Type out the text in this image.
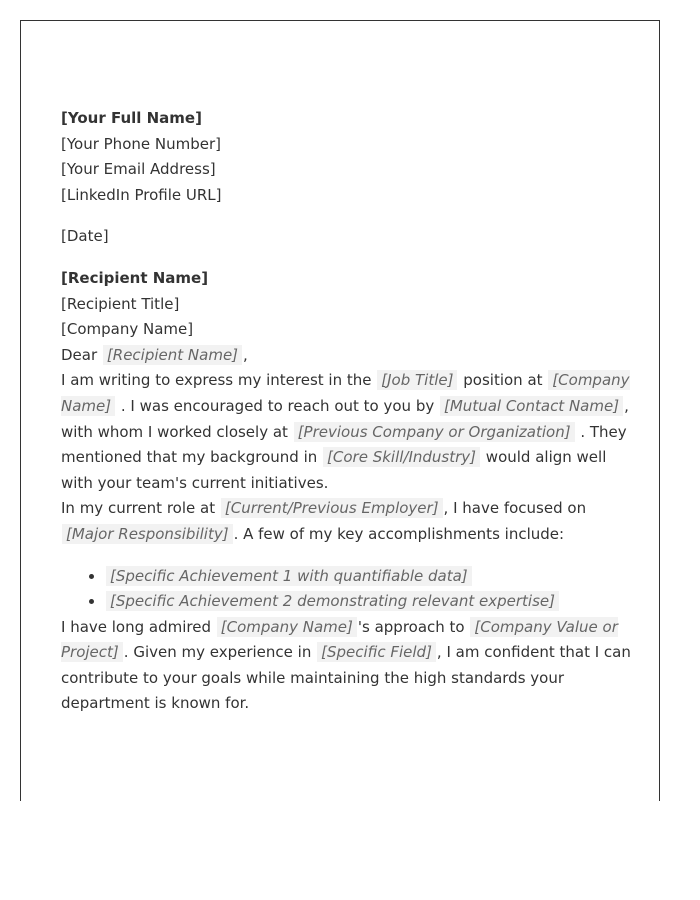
[Your Full Name]
[Your Phone Number]
[Your Email Address]
[LinkedIn Profile URL]
[Date]
[Recipient Name]
[Recipient Title]
[Company Name]

Dear [Recipient Name] ,

I am writing to express my interest in the [Job Title] position at [Company Name] . I was encouraged to reach out to you by [Mutual Contact Name] , with whom I worked closely at [Previous Company or Organization] . They mentioned that my background in [Core Skill/Industry] would align well with your team's current initiatives.

In my current role at [Current/Previous Employer] , I have focused on [Major Responsibility] . A few of my key accomplishments include:

• [Specific Achievement 1 with quantifiable data]
• [Specific Achievement 2 demonstrating relevant expertise]

I have long admired [Company Name] 's approach to [Company Value or Project] . Given my experience in [Specific Field] , I am confident that I can contribute to your goals while maintaining the high standards your department is known for.
